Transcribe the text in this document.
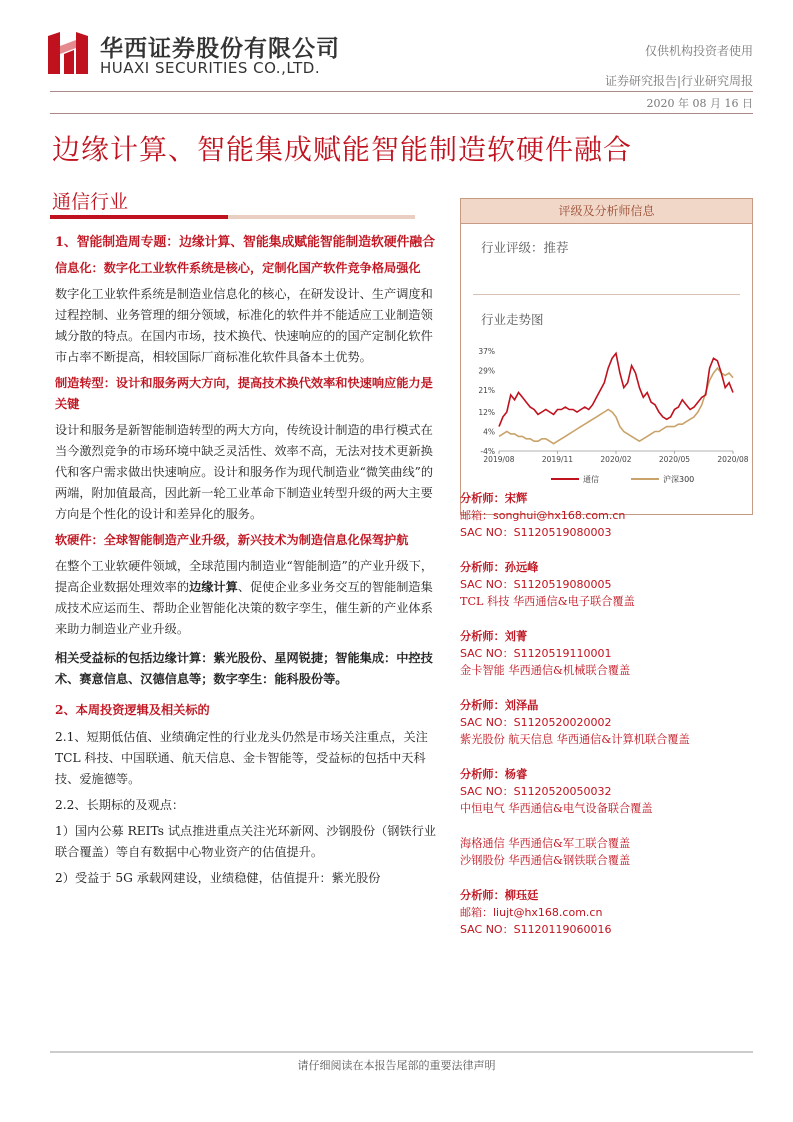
华西证券股份有限公司
HUAXI SECURITIES CO.,LTD.
仅供机构投资者使用
证券研究报告|行业研究周报
2020 年 08 月 16 日
边缘计算、智能集成赋能智能制造软硬件融合
通信行业

1、智能制造周专题：边缘计算、智能集成赋能智能制造软硬件融合

信息化：数字化工业软件系统是核心，定制化国产软件竞争格局强化

数字化工业软件系统是制造业信息化的核心，在研发设计、生产调度和过程控制、业务管理的细分领域，标准化的软件并不能适应工业制造领域分散的特点。在国内市场，技术换代、快速响应的的国产定制化软件市占率不断提高，相较国际厂商标准化软件具备本土优势。

制造转型：设计和服务两大方向，提高技术换代效率和快速响应能力是关键

设计和服务是新智能制造转型的两大方向，传统设计制造的串行模式在当今激烈竞争的市场环境中缺乏灵活性、效率不高，无法对技术更新换代和客户需求做出快速响应。设计和服务作为现代制造业“微笑曲线”的两端，附加值最高，因此新一轮工业革命下制造业转型升级的两大主要方向是个性化的设计和差异化的服务。

软硬件：全球智能制造产业升级，新兴技术为制造信息化保驾护航

在整个工业软硬件领域，全球范围内制造业“智能制造”的产业升级下，提高企业数据处理效率的边缘计算、促使企业多业务交互的智能制造集成技术应运而生、帮助企业智能化决策的数字孪生，催生新的产业体系来助力制造业产业升级。

相关受益标的包括边缘计算：紫光股份、星网锐捷；智能集成：中控技术、赛意信息、汉德信息等；数字孪生：能科股份等。

2、本周投资逻辑及相关标的

2.1、短期低估值、业绩确定性的行业龙头仍然是市场关注重点，关注 TCL 科技、中国联通、航天信息、金卡智能等，受益标的包括中天科技、爱施德等。

2.2、长期标的及观点：

1）国内公募 REITs 试点推进重点关注光环新网、沙钢股份（钢铁行业联合覆盖）等自有数据中心物业资产的估值提升。

2）受益于 5G 承载网建设，业绩稳健，估值提升：紫光股份

评级及分析师信息
行业评级：推荐
行业走势图
37%
29%
21%
12%
4%
-4%
2019/08	2019/11	2020/02	2020/05	2020/08
通信	沪深300
分析师：宋辉
邮箱：songhui@hx168.com.cn
SAC NO：S1120519080003
分析师：孙远峰
SAC NO：S1120519080005
TCL 科技 华西通信&电子联合覆盖
分析师：刘菁
SAC NO：S1120519110001
金卡智能 华西通信&机械联合覆盖
分析师：刘泽晶
SAC NO：S1120520020002
紫光股份 航天信息 华西通信&计算机联合覆盖
分析师：杨睿
SAC NO：S1120520050032
中恒电气 华西通信&电气设备联合覆盖
海格通信 华西通信&军工联合覆盖
沙钢股份 华西通信&钢铁联合覆盖
分析师：柳珏廷
邮箱：liujt@hx168.com.cn
SAC NO：S1120119060016
请仔细阅读在本报告尾部的重要法律声明
